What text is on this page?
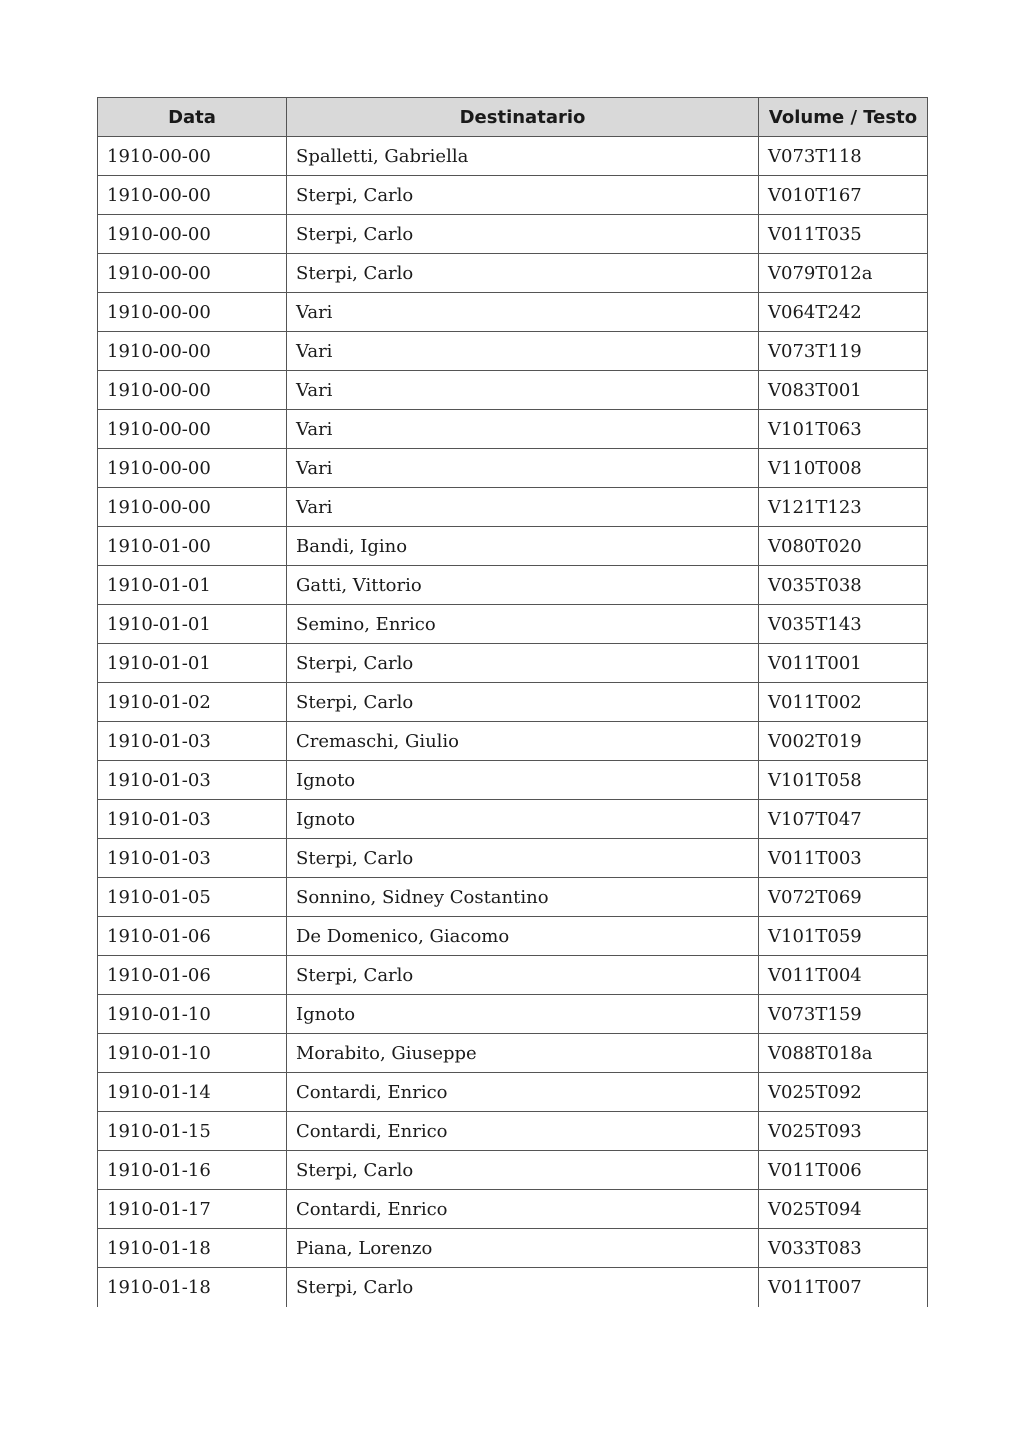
Data	Destinatario	Volume / Testo
1910-00-00	Spalletti, Gabriella	V073T118
1910-00-00	Sterpi, Carlo	V010T167
1910-00-00	Sterpi, Carlo	V011T035
1910-00-00	Sterpi, Carlo	V079T012a
1910-00-00	Vari	V064T242
1910-00-00	Vari	V073T119
1910-00-00	Vari	V083T001
1910-00-00	Vari	V101T063
1910-00-00	Vari	V110T008
1910-00-00	Vari	V121T123
1910-01-00	Bandi, Igino	V080T020
1910-01-01	Gatti, Vittorio	V035T038
1910-01-01	Semino, Enrico	V035T143
1910-01-01	Sterpi, Carlo	V011T001
1910-01-02	Sterpi, Carlo	V011T002
1910-01-03	Cremaschi, Giulio	V002T019
1910-01-03	Ignoto	V101T058
1910-01-03	Ignoto	V107T047
1910-01-03	Sterpi, Carlo	V011T003
1910-01-05	Sonnino, Sidney Costantino	V072T069
1910-01-06	De Domenico, Giacomo	V101T059
1910-01-06	Sterpi, Carlo	V011T004
1910-01-10	Ignoto	V073T159
1910-01-10	Morabito, Giuseppe	V088T018a
1910-01-14	Contardi, Enrico	V025T092
1910-01-15	Contardi, Enrico	V025T093
1910-01-16	Sterpi, Carlo	V011T006
1910-01-17	Contardi, Enrico	V025T094
1910-01-18	Piana, Lorenzo	V033T083
1910-01-18	Sterpi, Carlo	V011T007
